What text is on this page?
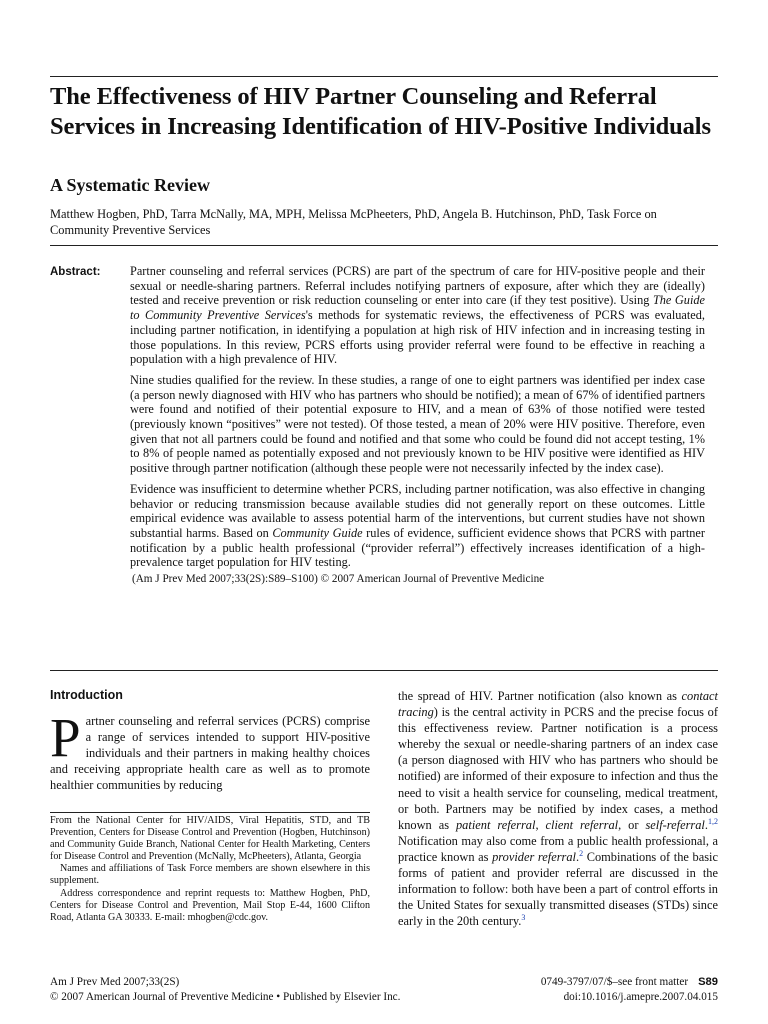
The Effectiveness of HIV Partner Counseling and Referral Services in Increasing Identification of HIV-Positive Individuals
A Systematic Review
Matthew Hogben, PhD, Tarra McNally, MA, MPH, Melissa McPheeters, PhD, Angela B. Hutchinson, PhD, Task Force on Community Preventive Services
Abstract: Partner counseling and referral services (PCRS) are part of the spectrum of care for HIV-positive people and their sexual or needle-sharing partners. Referral includes notifying partners of exposure, after which they are (ideally) tested and receive prevention or risk reduction counseling or enter into care (if they test positive). Using The Guide to Community Preventive Services's methods for systematic reviews, the effectiveness of PCRS was evaluated, including partner notification, in identifying a population at high risk of HIV infection and in increasing testing in those populations. In this review, PCRS efforts using provider referral were found to be effective in reaching a population with a high prevalence of HIV.

Nine studies qualified for the review. In these studies, a range of one to eight partners was identified per index case (a person newly diagnosed with HIV who has partners who should be notified); a mean of 67% of identified partners were found and notified of their potential exposure to HIV, and a mean of 63% of those notified were tested (previously known “positives” were not tested). Of those tested, a mean of 20% were HIV positive. Therefore, even given that not all partners could be found and notified and that some who could be found did not accept testing, 1% to 8% of people named as potentially exposed and not previously known to be HIV positive were identified as HIV positive through partner notification (although these people were not necessarily infected by the index case).

Evidence was insufficient to determine whether PCRS, including partner notification, was also effective in changing behavior or reducing transmission because available studies did not generally report on these outcomes. Little empirical evidence was available to assess potential harm of the interventions, but current studies have not shown substantial harms. Based on Community Guide rules of evidence, sufficient evidence shows that PCRS with partner notification by a public health professional (“provider referral”) effectively increases identification of a high-prevalence target population for HIV testing.

(Am J Prev Med 2007;33(2S):S89–S100) © 2007 American Journal of Preventive Medicine
Introduction

Partner counseling and referral services (PCRS) comprise a range of services intended to support HIV-positive individuals and their partners in making healthy choices and receiving appropriate health care as well as to promote healthier communities by reducing

From the National Center for HIV/AIDS, Viral Hepatitis, STD, and TB Prevention, Centers for Disease Control and Prevention (Hogben, Hutchinson) and Community Guide Branch, National Center for Health Marketing, Centers for Disease Control and Prevention (McNally, McPheeters), Atlanta, Georgia

Names and affiliations of Task Force members are shown elsewhere in this supplement.

Address correspondence and reprint requests to: Matthew Hogben, PhD, Centers for Disease Control and Prevention, Mail Stop E-44, 1600 Clifton Road, Atlanta GA 30333. E-mail: mhogben@cdc.gov.

the spread of HIV. Partner notification (also known as contact tracing) is the central activity in PCRS and the precise focus of this effectiveness review. Partner notification is a process whereby the sexual or needle-sharing partners of an index case (a person diagnosed with HIV who has partners who should be notified) are informed of their exposure to infection and thus the need to visit a health service for counseling, medical treatment, or both. Partners may be notified by index cases, a method known as patient referral, client referral, or self-referral.$^{1,2}$ Notification may also come from a public health professional, a practice known as provider referral.$^2$ Combinations of the basic forms of patient and provider referral are discussed in the information to follow: both have been a part of control efforts in the United States for sexually transmitted diseases (STDs) since early in the 20th century.$^3$
Am J Prev Med 2007;33(2S)
© 2007 American Journal of Preventive Medicine • Published by Elsevier Inc.
0749-3797/07/$–see front matter S89
doi:10.1016/j.amepre.2007.04.015
